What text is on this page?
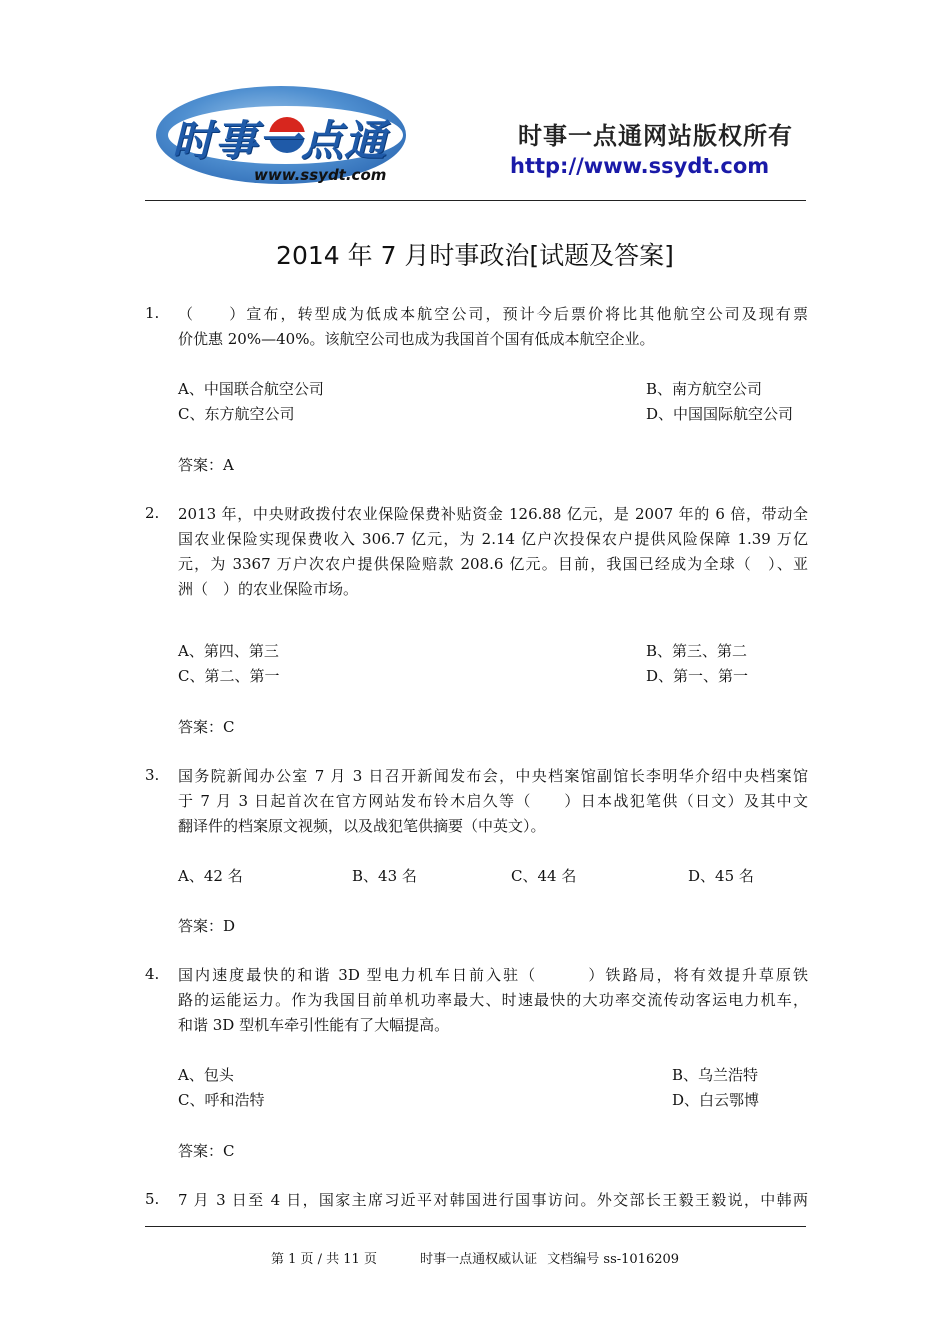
时事一点通
www.ssydt.com
时事一点通网站版权所有
http://www.ssydt.com
2014 年 7 月时事政治[试题及答案]
1. （　　）宣布，转型成为低成本航空公司，预计今后票价将比其他航空公司及现有票
价优惠 20%—40%。该航空公司也成为我国首个国有低成本航空企业。
A、中国联合航空公司	B、南方航空公司
C、东方航空公司	D、中国国际航空公司
答案：A
2. 2013 年，中央财政拨付农业保险保费补贴资金 126.88 亿元，是 2007 年的 6 倍，带动全
国农业保险实现保费收入 306.7 亿元，为 2.14 亿户次投保农户提供风险保障 1.39 万亿
元，为 3367 万户次农户提供保险赔款 208.6 亿元。目前，我国已经成为全球（　）、亚
洲（　）的农业保险市场。
A、第四、第三	B、第三、第二
C、第二、第一	D、第一、第一
答案：C
3. 国务院新闻办公室 7 月 3 日召开新闻发布会，中央档案馆副馆长李明华介绍中央档案馆
于 7 月 3 日起首次在官方网站发布铃木启久等（　　）日本战犯笔供（日文）及其中文
翻译件的档案原文视频，以及战犯笔供摘要（中英文）。
A、42 名	B、43 名	C、44 名	D、45 名
答案：D
4. 国内速度最快的和谐 3D 型电力机车日前入驻（　　　）铁路局，将有效提升草原铁
路的运能运力。作为我国目前单机功率最大、时速最快的大功率交流传动客运电力机车，
和谐 3D 型机车牵引性能有了大幅提高。
A、包头	B、乌兰浩特
C、呼和浩特	D、白云鄂博
答案：C
5. 7 月 3 日至 4 日，国家主席习近平对韩国进行国事访问。外交部长王毅王毅说，中韩两
第 1 页 / 共 11 页	时事一点通权威认证 文档编号 ss-1016209
